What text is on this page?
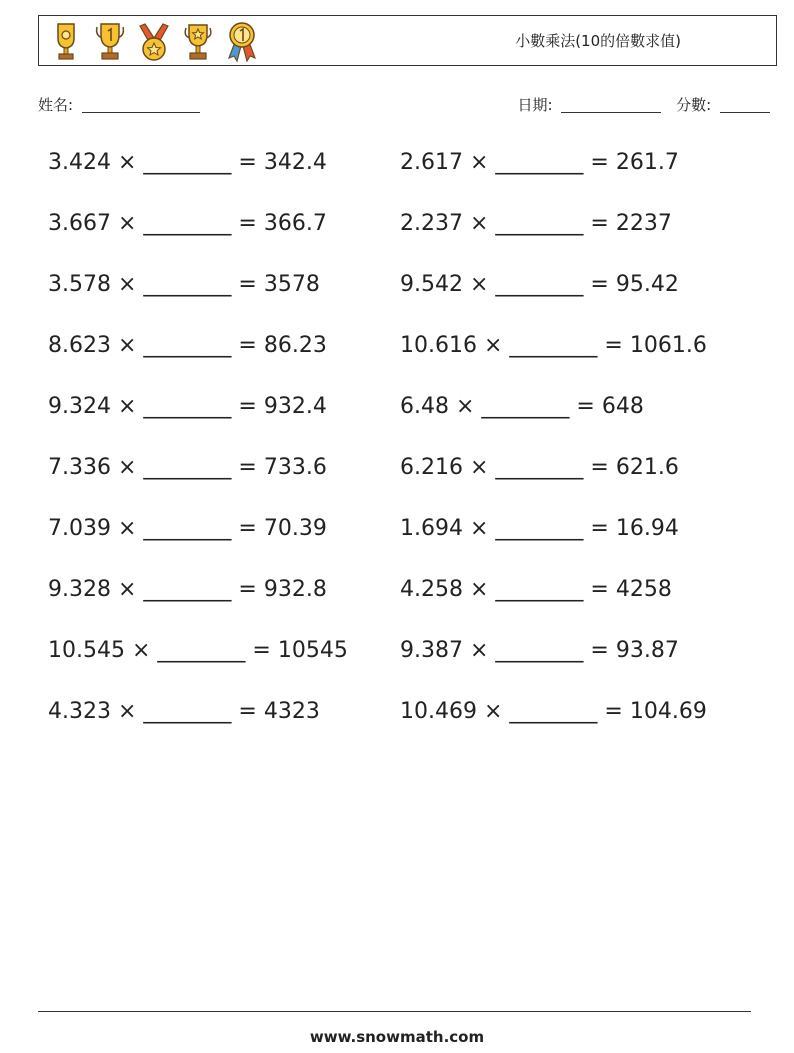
小數乘法(10的倍數求值)
姓名:	日期:	分數:
3.424 × ________ = 342.4	2.617 × ________ = 261.7
3.667 × ________ = 366.7	2.237 × ________ = 2237
3.578 × ________ = 3578	9.542 × ________ = 95.42
8.623 × ________ = 86.23	10.616 × ________ = 1061.6
9.324 × ________ = 932.4	6.48 × ________ = 648
7.336 × ________ = 733.6	6.216 × ________ = 621.6
7.039 × ________ = 70.39	1.694 × ________ = 16.94
9.328 × ________ = 932.8	4.258 × ________ = 4258
10.545 × ________ = 10545 9.387 × ________ = 93.87
4.323 × ________ = 4323	10.469 × ________ = 104.69
www.snowmath.com
